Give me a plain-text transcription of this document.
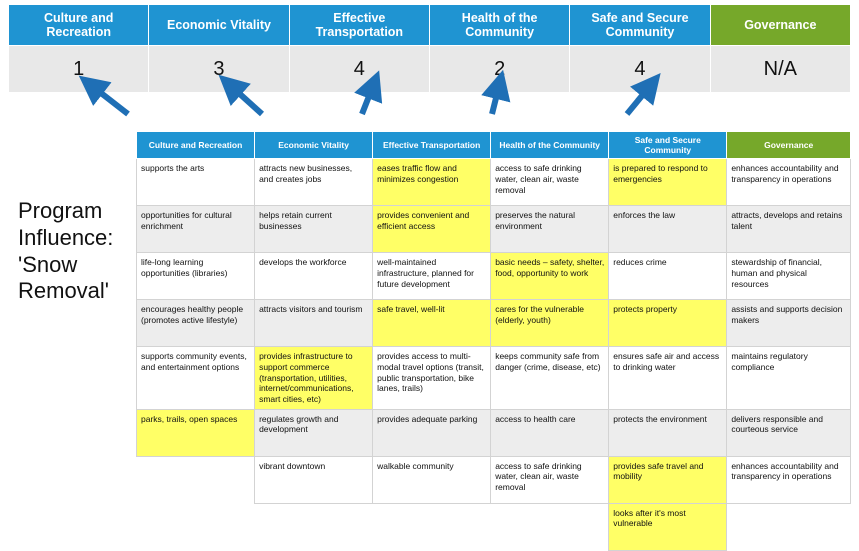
Culture and Recreation	Economic Vitality	Effective Transportation	Health of the Community	Safe and Secure Community	Governance
1	3	4	2	4	N/A
Program Influence: 'Snow Removal'
Culture and Recreation	Economic Vitality	Effective Transportation	Health of the Community	Safe and Secure Community	Governance
supports the arts	attracts new businesses, and creates jobs	eases traffic flow and minimizes congestion	access to safe drinking water, clean air, waste removal	is prepared to respond to emergencies	enhances accountability and transparency in operations
opportunities for cultural enrichment	helps retain current businesses	provides convenient and efficient access	preserves the natural environment	enforces the law	attracts, develops and retains talent
life-long learning opportunities (libraries)	develops the workforce	well-maintained infrastructure, planned for future development	basic needs – safety, shelter, food, opportunity to work	reduces crime	stewardship of financial, human and physical resources
encourages healthy people (promotes active lifestyle)	attracts visitors and tourism	safe travel, well-lit	cares for the vulnerable (elderly, youth)	protects property	assists and supports decision makers
supports community events, and entertainment options	provides infrastructure to support commerce (transportation, utilities, internet/communications, smart cities, etc)	provides access to multi-modal travel options (transit, public transportation, bike lanes, trails)	keeps community safe from danger (crime, disease, etc)	ensures safe air and access to drinking water	maintains regulatory compliance
parks, trails, open spaces	regulates growth and development	provides adequate parking	access to health care	protects the environment	delivers responsible and courteous service
	vibrant downtown	walkable community	access to safe drinking water, clean air, waste removal	provides safe travel and mobility	enhances accountability and transparency in operations
				looks after it's most vulnerable	
